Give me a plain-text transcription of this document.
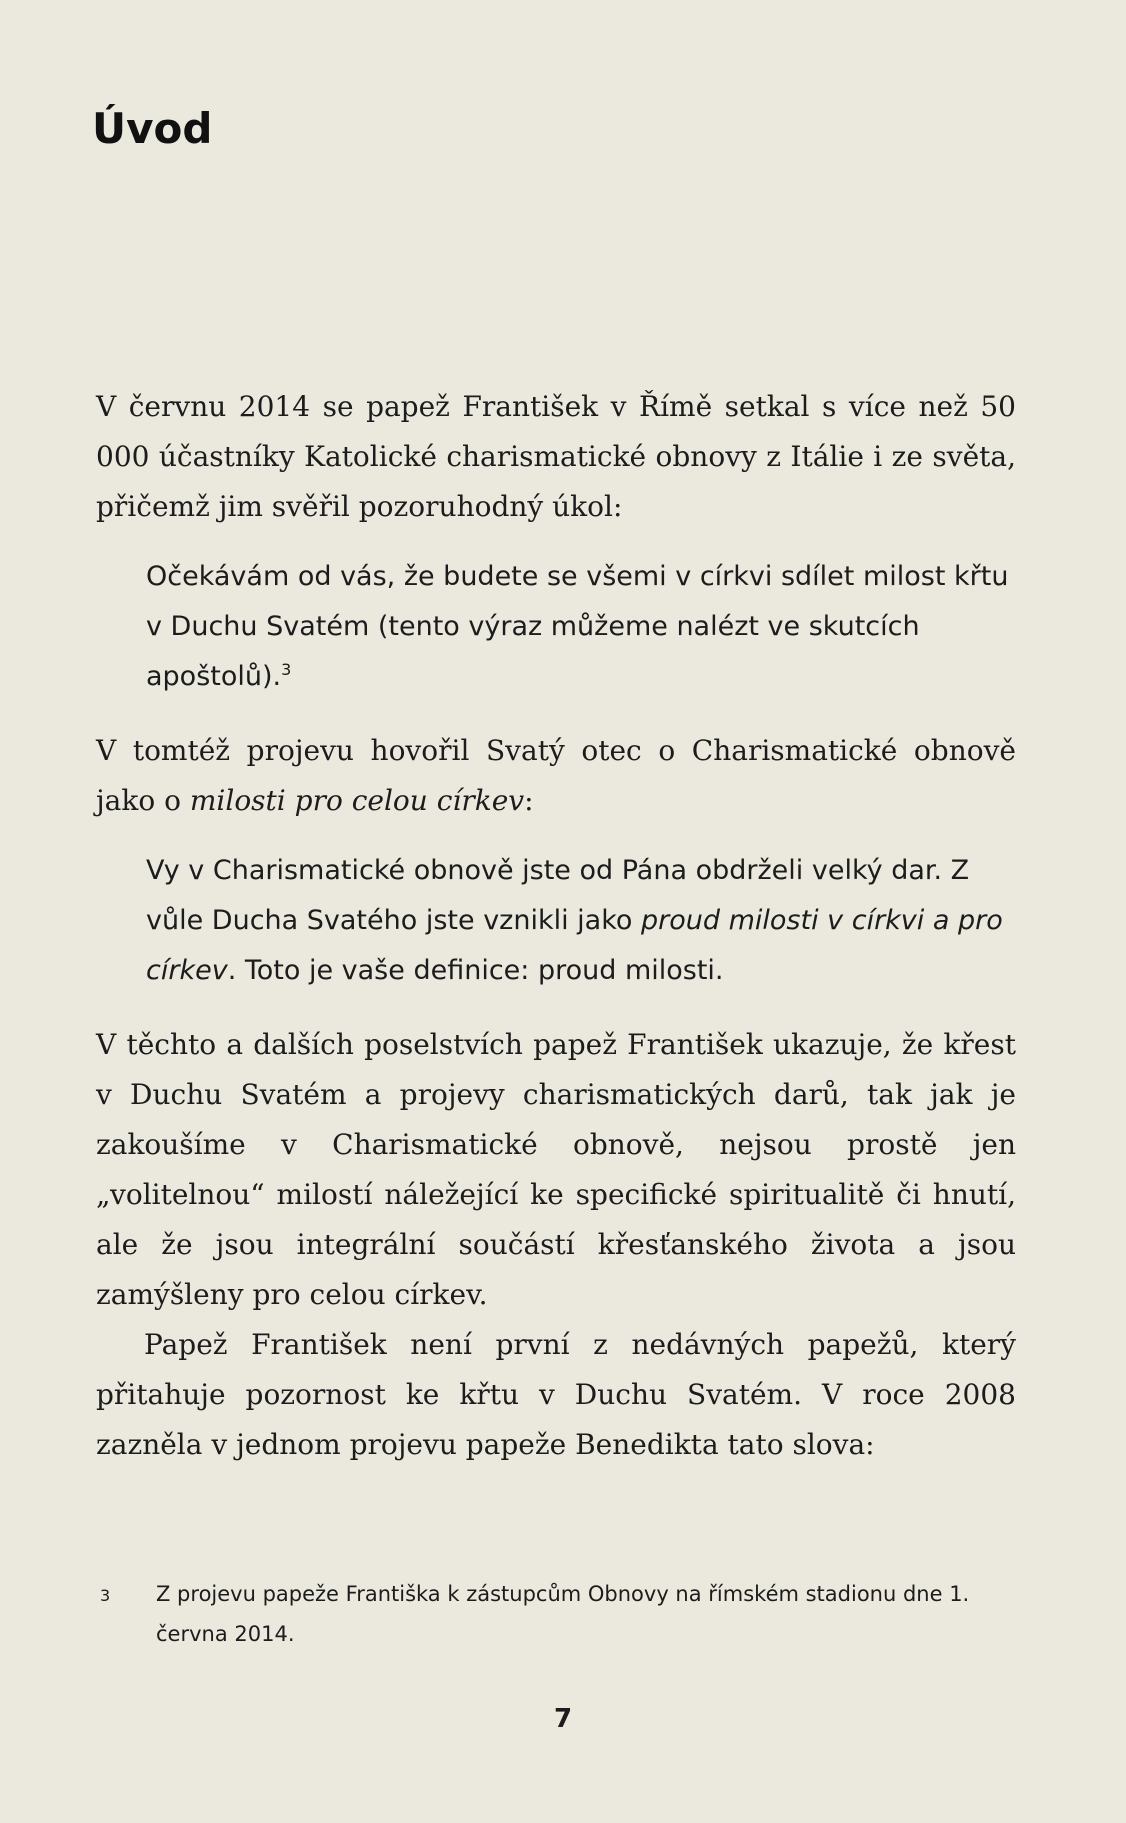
Úvod

V červnu 2014 se papež František v Římě setkal s více než 50 000 účastníky Katolické charismatické obnovy z Itálie i ze světa, přičemž jim svěřil pozoruhodný úkol:

Očekávám od vás, že budete se všemi v církvi sdílet milost křtu v Duchu Svatém (tento výraz můžeme nalézt ve skutcích apoštolů).$^3$

V tomtéž projevu hovořil Svatý otec o Charismatické obnově jako o milosti pro celou církev:

Vy v Charismatické obnově jste od Pána obdrželi velký dar. Z vůle Ducha Svatého jste vznikli jako proud milosti v církvi a pro církev. Toto je vaše definice: proud milosti.

V těchto a dalších poselstvích papež František ukazuje, že křest v Duchu Svatém a projevy charismatických darů, tak jak je zakoušíme v Charismatické obnově, nejsou prostě jen „volitelnou“ milostí náležející ke specifické spiritualitě či hnutí, ale že jsou integrální součástí křesťanského života a jsou zamýšleny pro celou církev.

Papež František není první z nedávných papežů, který přitahuje pozornost ke křtu v Duchu Svatém. V roce 2008 zazněla v jednom projevu papeže Benedikta tato slova:

3	Z projevu papeže Františka k zástupcům Obnovy na římském stadionu dne 1. června 2014.
7
